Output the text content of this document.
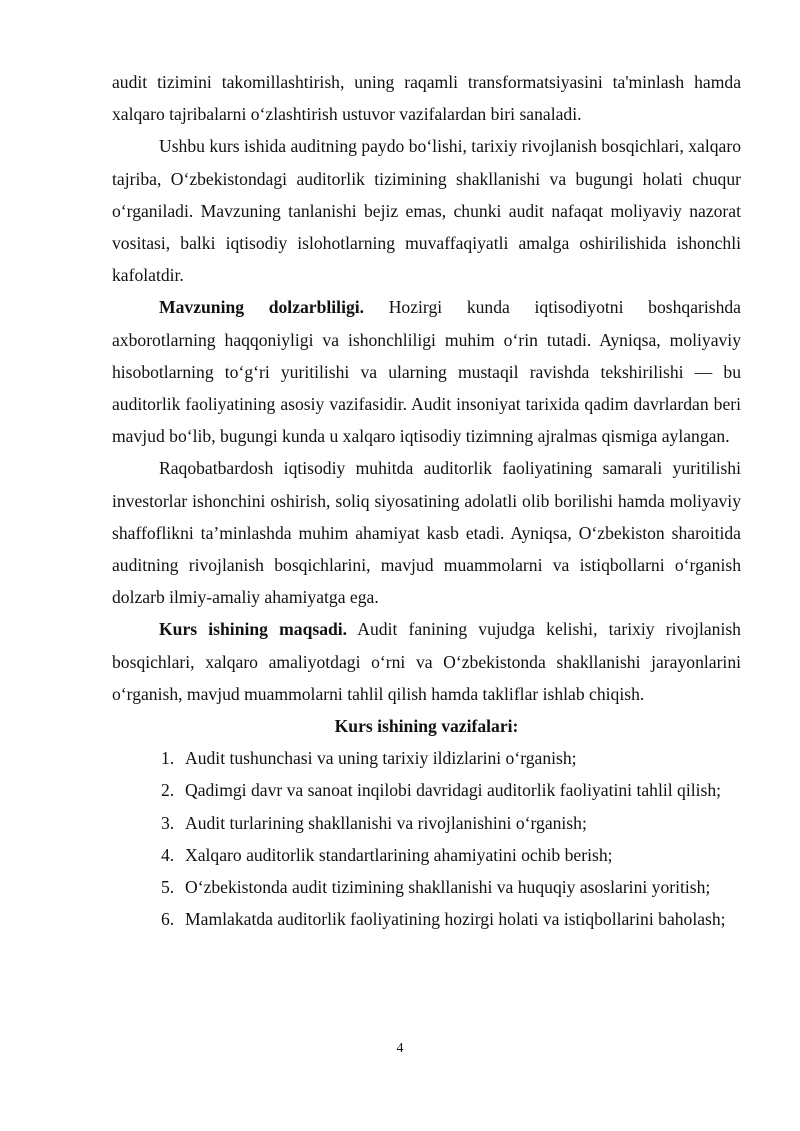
audit tizimini takomillashtirish, uning raqamli transformatsiyasini ta'minlash hamda xalqaro tajribalarni o‘zlashtirish ustuvor vazifalardan biri sanaladi.

Ushbu kurs ishida auditning paydo bo‘lishi, tarixiy rivojlanish bosqichlari, xalqaro tajriba, O‘zbekistondagi auditorlik tizimining shakllanishi va bugungi holati chuqur o‘rganiladi. Mavzuning tanlanishi bejiz emas, chunki audit nafaqat moliyaviy nazorat vositasi, balki iqtisodiy islohotlarning muvaffaqiyatli amalga oshirilishida ishonchli kafolatdir.

Mavzuning dolzarbliligi. Hozirgi kunda iqtisodiyotni boshqarishda axborotlarning haqqoniyligi va ishonchliligi muhim o‘rin tutadi. Ayniqsa, moliyaviy hisobotlarning to‘g‘ri yuritilishi va ularning mustaqil ravishda tekshirilishi — bu auditorlik faoliyatining asosiy vazifasidir. Audit insoniyat tarixida qadim davrlardan beri mavjud bo‘lib, bugungi kunda u xalqaro iqtisodiy tizimning ajralmas qismiga aylangan.

Raqobatbardosh iqtisodiy muhitda auditorlik faoliyatining samarali yuritilishi investorlar ishonchini oshirish, soliq siyosatining adolatli olib borilishi hamda moliyaviy shaffoflikni ta’minlashda muhim ahamiyat kasb etadi. Ayniqsa, O‘zbekiston sharoitida auditning rivojlanish bosqichlarini, mavjud muammolarni va istiqbollarni o‘rganish dolzarb ilmiy-amaliy ahamiyatga ega.

Kurs ishining maqsadi. Audit fanining vujudga kelishi, tarixiy rivojlanish bosqichlari, xalqaro amaliyotdagi o‘rni va O‘zbekistonda shakllanishi jarayonlarini o‘rganish, mavjud muammolarni tahlil qilish hamda takliflar ishlab chiqish.

Kurs ishining vazifalari:
1. Audit tushunchasi va uning tarixiy ildizlarini o‘rganish;
2. Qadimgi davr va sanoat inqilobi davridagi auditorlik faoliyatini tahlil qilish;
3. Audit turlarining shakllanishi va rivojlanishini o‘rganish;
4. Xalqaro auditorlik standartlarining ahamiyatini ochib berish;
5. O‘zbekistonda audit tizimining shakllanishi va huquqiy asoslarini yoritish;
6. Mamlakatda auditorlik faoliyatining hozirgi holati va istiqbollarini baholash;
4
